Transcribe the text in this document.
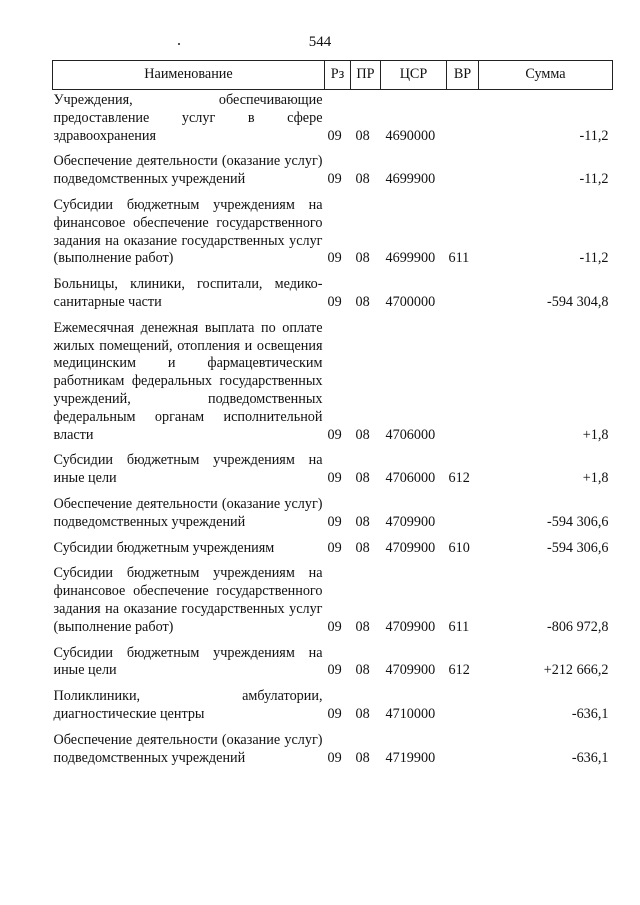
544
Наименование	Рз	ПР	ЦСР	ВР	Сумма
Учреждения, обеспечивающие предоставление услуг в сфере здравоохранения	09	08	4690000		-11,2
Обеспечение деятельности (оказание услуг) подведомственных учреждений	09	08	4699900		-11,2
Субсидии бюджетным учреждениям на финансовое обеспечение государственного задания на оказание государственных услуг (выполнение работ)	09	08	4699900	611	-11,2
Больницы, клиники, госпитали, медико-санитарные части	09	08	4700000		-594 304,8
Ежемесячная денежная выплата по оплате жилых помещений, отопления и освещения медицинским и фармацевтическим работникам федеральных государственных учреждений, подведомственных федеральным органам исполнительной власти	09	08	4706000		+1,8
Субсидии бюджетным учреждениям на иные цели	09	08	4706000	612	+1,8
Обеспечение деятельности (оказание услуг) подведомственных учреждений	09	08	4709900		-594 306,6
Субсидии бюджетным учреждениям	09	08	4709900	610	-594 306,6
Субсидии бюджетным учреждениям на финансовое обеспечение государственного задания на оказание государственных услуг (выполнение работ)	09	08	4709900	611	-806 972,8
Субсидии бюджетным учреждениям на иные цели	09	08	4709900	612	+212 666,2
Поликлиники, амбулатории, диагностические центры	09	08	4710000		-636,1
Обеспечение деятельности (оказание услуг) подведомственных учреждений	09	08	4719900		-636,1
